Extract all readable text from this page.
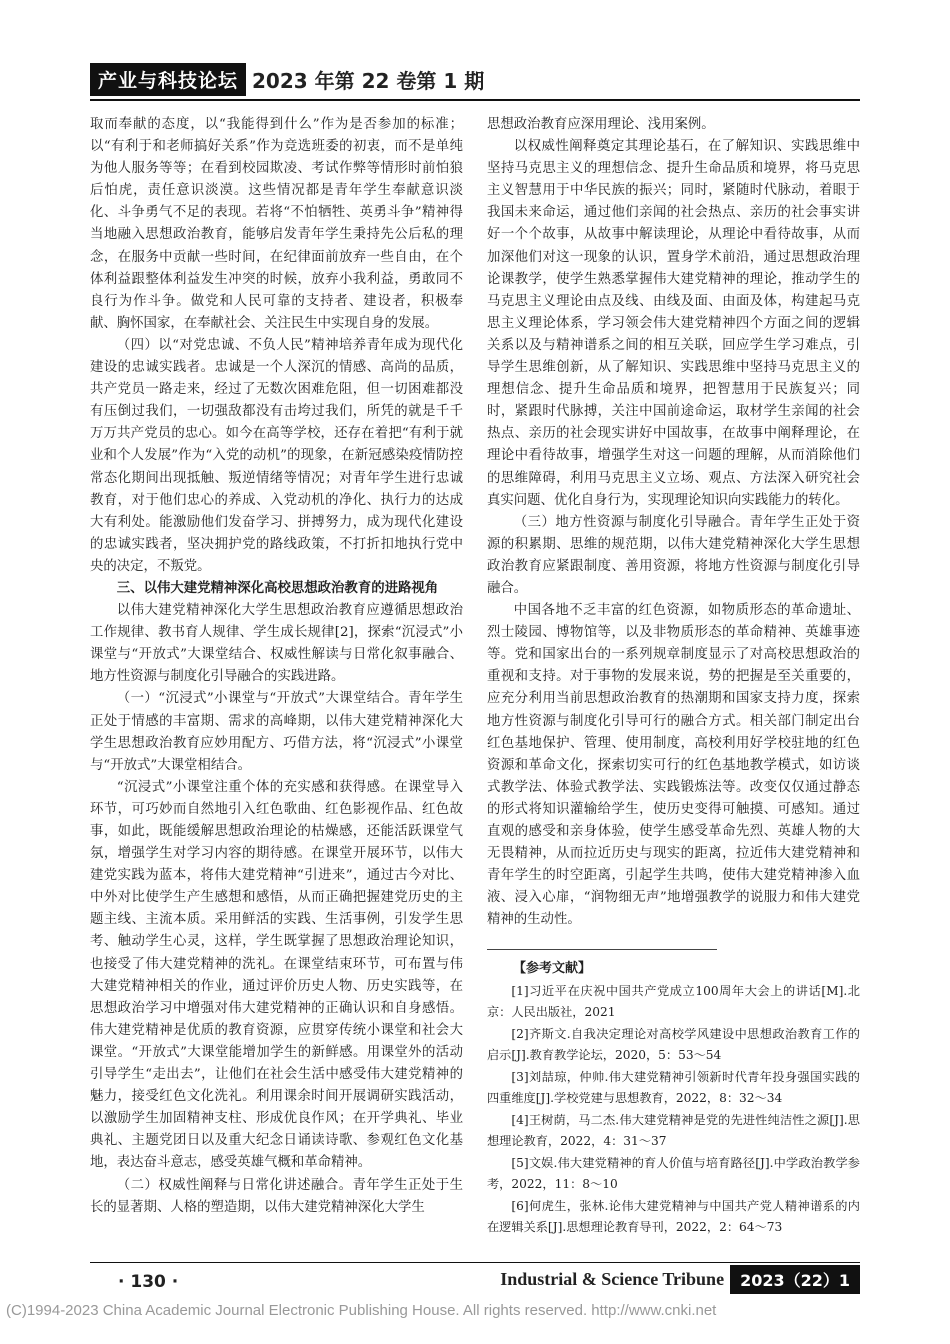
产业与科技论坛 2023 年第 22 卷第 1 期

取而奉献的态度，以“我能得到什么”作为是否参加的标准；以“有利于和老师搞好关系”作为竞选班委的初衷，而不是单纯为他人服务等等；在看到校园欺凌、考试作弊等情形时前怕狼后怕虎，责任意识淡漠。这些情况都是青年学生奉献意识淡化、斗争勇气不足的表现。若将“不怕牺牲、英勇斗争”精神得当地融入思想政治教育，能够启发青年学生秉持先公后私的理念，在服务中贡献一些时间，在纪律面前放弃一些自由，在个体利益跟整体利益发生冲突的时候，放弃小我利益，勇敢同不良行为作斗争。做党和人民可靠的支持者、建设者，积极奉献、胸怀国家，在奉献社会、关注民生中实现自身的发展。

（四）以“对党忠诚、不负人民”精神培养青年成为现代化建设的忠诚实践者。忠诚是一个人深沉的情感、高尚的品质，共产党员一路走来，经过了无数次困难危阻，但一切困难都没有压倒过我们，一切强敌都没有击垮过我们，所凭的就是千千万万共产党员的忠心。如今在高等学校，还存在着把“有利于就业和个人发展”作为“入党的动机”的现象，在新冠感染疫情防控常态化期间出现抵触、叛逆情绪等情况；对青年学生进行忠诚教育，对于他们忠心的养成、入党动机的净化、执行力的达成大有利处。能激励他们发奋学习、拼搏努力，成为现代化建设的忠诚实践者，坚决拥护党的路线政策，不打折扣地执行党中央的决定，不叛党。

三、以伟大建党精神深化高校思想政治教育的进路视角

以伟大建党精神深化大学生思想政治教育应遵循思想政治工作规律、教书育人规律、学生成长规律[2]，探索“沉浸式”小课堂与“开放式”大课堂结合、权威性解读与日常化叙事融合、地方性资源与制度化引导融合的实践进路。

（一）“沉浸式”小课堂与“开放式”大课堂结合。青年学生正处于情感的丰富期、需求的高峰期，以伟大建党精神深化大学生思想政治教育应妙用配方、巧借方法，将“沉浸式”小课堂与“开放式”大课堂相结合。

“沉浸式”小课堂注重个体的充实感和获得感。在课堂导入环节，可巧妙而自然地引入红色歌曲、红色影视作品、红色故事，如此，既能缓解思想政治理论的枯燥感，还能活跃课堂气氛，增强学生对学习内容的期待感。在课堂开展环节，以伟大建党实践为蓝本，将伟大建党精神“引进来”，通过古今对比、中外对比使学生产生感想和感悟，从而正确把握建党历史的主题主线、主流本质。采用鲜活的实践、生活事例，引发学生思考、触动学生心灵，这样，学生既掌握了思想政治理论知识，也接受了伟大建党精神的洗礼。在课堂结束环节，可布置与伟大建党精神相关的作业，通过评价历史人物、历史实践等，在思想政治学习中增强对伟大建党精神的正确认识和自身感悟。伟大建党精神是优质的教育资源，应贯穿传统小课堂和社会大课堂。“开放式”大课堂能增加学生的新鲜感。用课堂外的活动引导学生“走出去”，让他们在社会生活中感受伟大建党精神的魅力，接受红色文化洗礼。利用课余时间开展调研实践活动，以激励学生加固精神支柱、形成优良作风；在开学典礼、毕业典礼、主题党团日以及重大纪念日诵读诗歌、参观红色文化基地，表达奋斗意志，感受英雄气概和革命精神。

（二）权威性阐释与日常化讲述融合。青年学生正处于生长的显著期、人格的塑造期，以伟大建党精神深化大学生

思想政治教育应深用理论、浅用案例。

以权威性阐释奠定其理论基石，在了解知识、实践思维中坚持马克思主义的理想信念、提升生命品质和境界，将马克思主义智慧用于中华民族的振兴；同时，紧随时代脉动，着眼于我国未来命运，通过他们亲闻的社会热点、亲历的社会事实讲好一个个故事，从故事中解读理论，从理论中看待故事，从而加深他们对这一现象的认识，置身学术前沿，通过思想政治理论课教学，使学生熟悉掌握伟大建党精神的理论，推动学生的马克思主义理论由点及线、由线及面、由面及体，构建起马克思主义理论体系，学习领会伟大建党精神四个方面之间的逻辑关系以及与精神谱系之间的相互关联，回应学生学习难点，引导学生思维创新，从了解知识、实践思维中坚持马克思主义的理想信念、提升生命品质和境界，把智慧用于民族复兴；同时，紧跟时代脉搏，关注中国前途命运，取材学生亲闻的社会热点、亲历的社会现实讲好中国故事，在故事中阐释理论，在理论中看待故事，增强学生对这一问题的理解，从而消除他们的思维障碍，利用马克思主义立场、观点、方法深入研究社会真实问题、优化自身行为，实现理论知识向实践能力的转化。

（三）地方性资源与制度化引导融合。青年学生正处于资源的积累期、思维的规范期，以伟大建党精神深化大学生思想政治教育应紧跟制度、善用资源，将地方性资源与制度化引导融合。

中国各地不乏丰富的红色资源，如物质形态的革命遗址、烈士陵园、博物馆等，以及非物质形态的革命精神、英雄事迹等。党和国家出台的一系列规章制度显示了对高校思想政治的重视和支持。对于事物的发展来说，势的把握是至关重要的，应充分利用当前思想政治教育的热潮期和国家支持力度，探索地方性资源与制度化引导可行的融合方式。相关部门制定出台红色基地保护、管理、使用制度，高校利用好学校驻地的红色资源和革命文化，探索切实可行的红色基地教学模式，如访谈式教学法、体验式教学法、实践锻炼法等。改变仅仅通过静态的形式将知识灌输给学生，使历史变得可触摸、可感知。通过直观的感受和亲身体验，使学生感受革命先烈、英雄人物的大无畏精神，从而拉近历史与现实的距离，拉近伟大建党精神和青年学生的时空距离，引起学生共鸣，使伟大建党精神渗入血液、浸入心扉，“润物细无声”地增强教学的说服力和伟大建党精神的生动性。

【参考文献】

[1]习近平在庆祝中国共产党成立100周年大会上的讲话[M].北京：人民出版社，2021

[2]齐斯文.自我决定理论对高校学风建设中思想政治教育工作的启示[J].教育教学论坛，2020，5：53～54

[3]刘喆琼，仲帅.伟大建党精神引领新时代青年投身强国实践的四重维度[J].学校党建与思想教育，2022，8：32～34

[4]王树荫，马二杰.伟大建党精神是党的先进性纯洁性之源[J].思想理论教育，2022，4：31～37

[5]文娱.伟大建党精神的育人价值与培育路径[J].中学政治教学参考，2022，11：8～10

[6]何虎生，张林.论伟大建党精神与中国共产党人精神谱系的内在逻辑关系[J].思想理论教育导刊，2022，2：64～73

· 130 ·	Industrial & Science Tribune	2023（22）1
(C)1994-2023 China Academic Journal Electronic Publishing House. All rights reserved. http://www.cnki.net
